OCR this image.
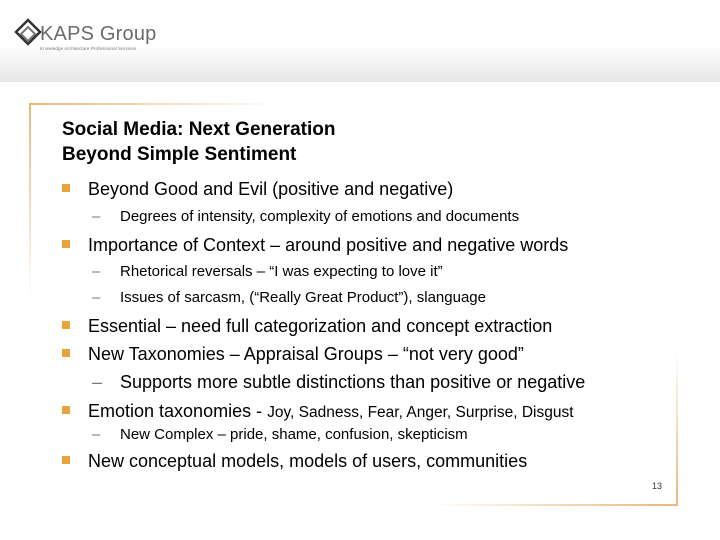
KAPS Group
Knowledge Architecture Professional Services
Social Media: Next Generation
Beyond Simple Sentiment
Beyond Good and Evil (positive and negative)
– Degrees of intensity, complexity of emotions and documents
Importance of Context – around positive and negative words
– Rhetorical reversals – “I was expecting to love it”
– Issues of sarcasm, (“Really Great Product”), slanguage
Essential – need full categorization and concept extraction
New Taxonomies – Appraisal Groups – “not very good”
– Supports more subtle distinctions than positive or negative
Emotion taxonomies - Joy, Sadness, Fear, Anger, Surprise, Disgust
– New Complex – pride, shame, confusion, skepticism
New conceptual models, models of users, communities
13
